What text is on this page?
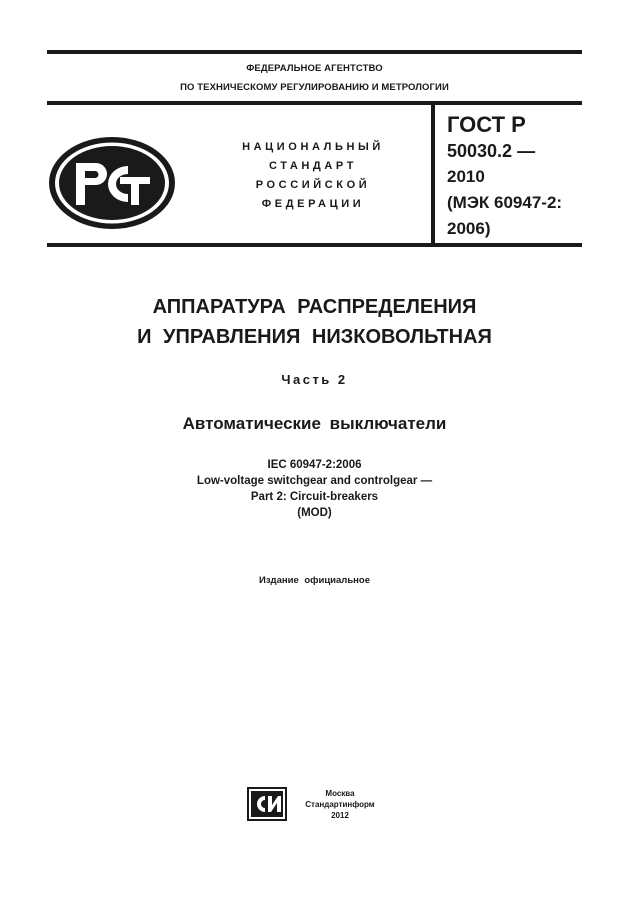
ФЕДЕРАЛЬНОЕ АГЕНТСТВО
ПО ТЕХНИЧЕСКОМУ РЕГУЛИРОВАНИЮ И МЕТРОЛОГИИ
НАЦИОНАЛЬНЫЙ
СТАНДАРТ
РОССИЙСКОЙ
ФЕДЕРАЦИИ
ГОСТ Р
50030.2 —
2010
(МЭК 60947-2:
2006)
АППАРАТУРА РАСПРЕДЕЛЕНИЯ
И УПРАВЛЕНИЯ НИЗКОВОЛЬТНАЯ
Часть 2
Автоматические выключатели
IEC 60947-2:2006
Low-voltage switchgear and controlgear —
Part 2: Circuit-breakers
(MOD)
Издание официальное
Москва
Стандартинформ
2012
